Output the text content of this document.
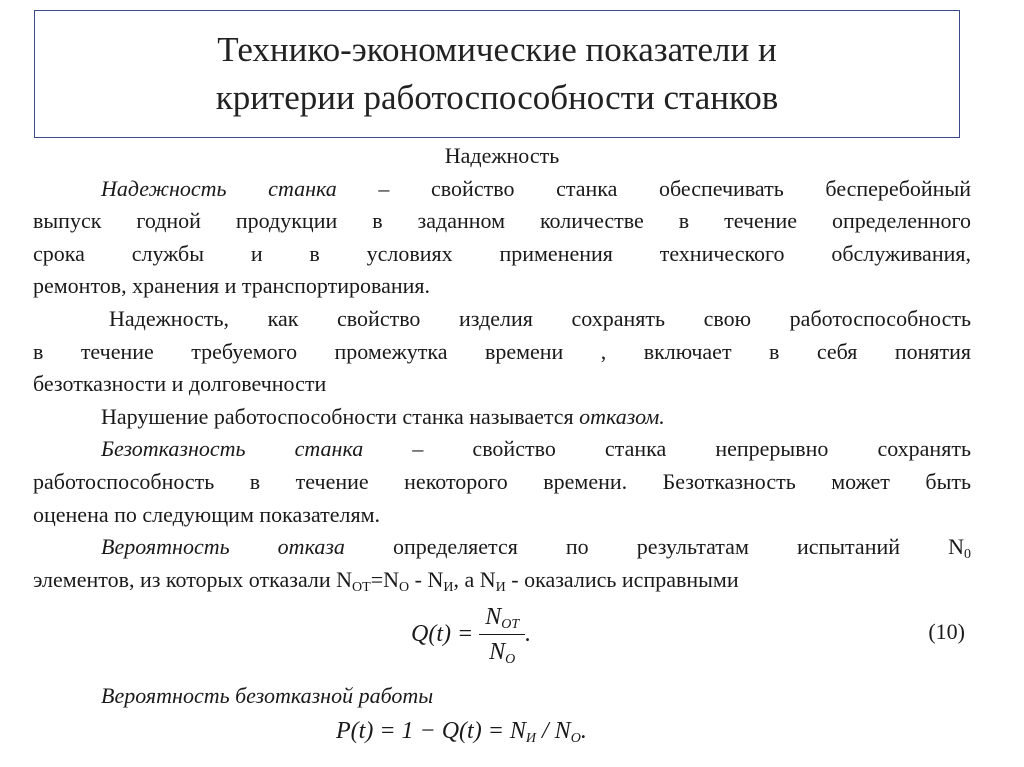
Технико-экономические показатели и
критерии работоспособности станков
Надежность
Надежность станка – свойство станка обеспечивать бесперебойный
выпуск годной продукции в заданном количестве в течение определенного
срока службы и в условиях применения технического обслуживания,
ремонтов, хранения и транспортирования.
Надежность, как свойство изделия сохранять свою работоспособность
в течение требуемого промежутка времени , включает в себя понятия
безотказности и долговечности
Нарушение работоспособности станка называется отказом.
Безотказность станка – свойство станка непрерывно сохранять
работоспособность в течение некоторого времени. Безотказность может быть
оценена по следующим показателям.
Вероятность отказа определяется по результатам испытаний $N_0$
элементов, из которых отказали $N_{ОТ}=N_О - N_И$, а $N_И$ - оказались исправными
$Q(t) = \frac{N_{ОТ}}{N_О}$ .	(10)
Вероятность безотказной работы
$P(t) = 1 - Q(t) = N_И / N_О$.
